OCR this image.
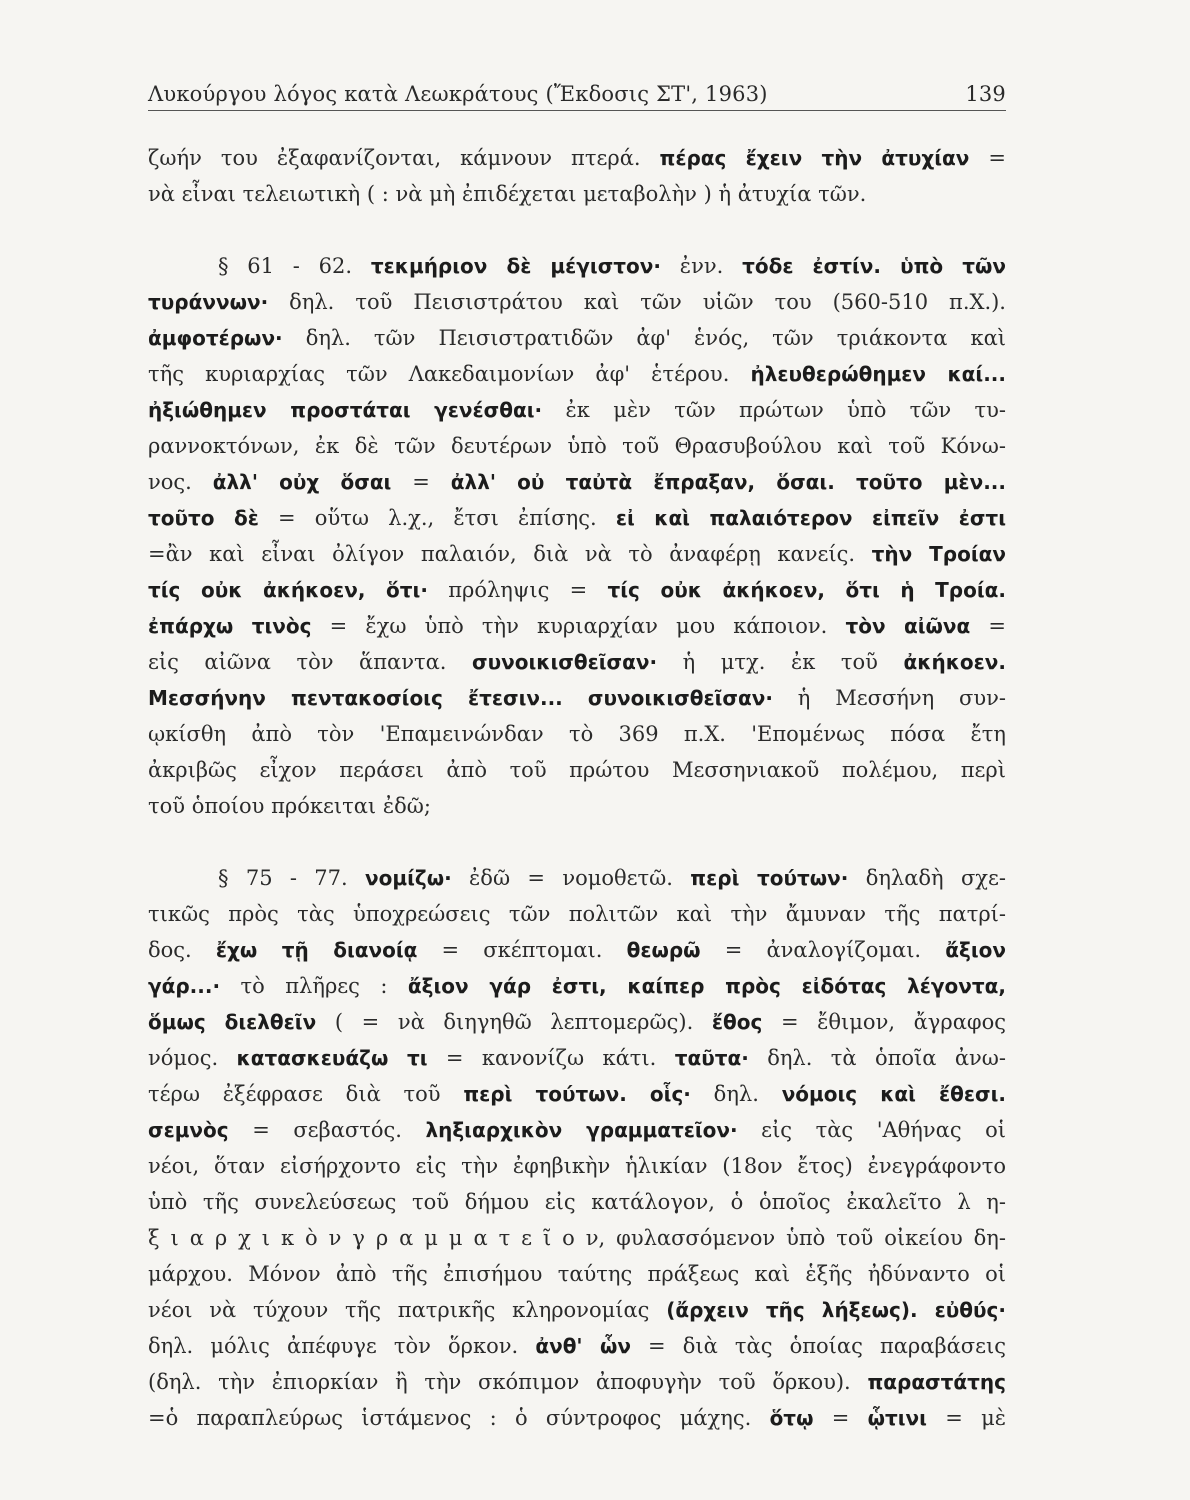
Λυκούργου λόγος κατὰ Λεωκράτους (Ἔκδοσις ΣΤ', 1963)	139
ζωήν του ἐξαφανίζονται, κάμνουν πτερά. πέρας ἔχειν τὴν ἀτυχίαν =
νὰ εἶναι τελειωτικὴ ( : νὰ μὴ ἐπιδέχεται μεταβολὴν ) ἡ ἀτυχία τῶν.
§ 61 - 62. τεκμήριον δὲ μέγιστον· ἐνν. τόδε ἐστίν. ὑπὸ τῶν
τυράννων· δηλ. τοῦ Πεισιστράτου καὶ τῶν υἱῶν του (560-510 π.Χ.).
ἀμφοτέρων· δηλ. τῶν Πεισιστρατιδῶν ἀφ' ἑνός, τῶν τριάκοντα καὶ
τῆς κυριαρχίας τῶν Λακεδαιμονίων ἀφ' ἑτέρου. ἠλευθερώθημεν καί...
ἠξιώθημεν προστάται γενέσθαι· ἐκ μὲν τῶν πρώτων ὑπὸ τῶν τυ-
ραννοκτόνων, ἐκ δὲ τῶν δευτέρων ὑπὸ τοῦ Θρασυβούλου καὶ τοῦ Κόνω-
νος. ἀλλ' οὐχ ὅσαι = ἀλλ' οὐ ταὐτὰ ἔπραξαν, ὅσαι. τοῦτο μὲν...
τοῦτο δὲ = οὕτω λ.χ., ἔτσι ἐπίσης. εἰ καὶ παλαιότερον εἰπεῖν ἐστι
=ἂν καὶ εἶναι ὀλίγον παλαιόν, διὰ νὰ τὸ ἀναφέρῃ κανείς. τὴν Τροίαν
τίς οὐκ ἀκήκοεν, ὅτι· πρόληψις = τίς οὐκ ἀκήκοεν, ὅτι ἡ Τροία.
ἐπάρχω τινὸς = ἔχω ὑπὸ τὴν κυριαρχίαν μου κάποιον. τὸν αἰῶνα =
εἰς αἰῶνα τὸν ἅπαντα. συνοικισθεῖσαν· ἡ μτχ. ἐκ τοῦ ἀκήκοεν.
Μεσσήνην πεντακοσίοις ἔτεσιν... συνοικισθεῖσαν· ἡ Μεσσήνη συν-
ῳκίσθη ἀπὸ τὸν 'Επαμεινώνδαν τὸ 369 π.Χ. 'Επομένως πόσα ἔτη
ἀκριβῶς εἶχον περάσει ἀπὸ τοῦ πρώτου Μεσσηνιακοῦ πολέμου, περὶ
τοῦ ὁποίου πρόκειται ἐδῶ;
§ 75 - 77. νομίζω· ἐδῶ = νομοθετῶ. περὶ τούτων· δηλαδὴ σχε-
τικῶς πρὸς τὰς ὑποχρεώσεις τῶν πολιτῶν καὶ τὴν ἄμυναν τῆς πατρί-
δος. ἔχω τῇ διανοίᾳ = σκέπτομαι. θεωρῶ = ἀναλογίζομαι. ἄξιον
γάρ...· τὸ πλῆρες : ἄξιον γάρ ἐστι, καίπερ πρὸς εἰδότας λέγοντα,
ὅμως διελθεῖν ( = νὰ διηγηθῶ λεπτομερῶς). ἔθος = ἔθιμον, ἄγραφος
νόμος. κατασκευάζω τι = κανονίζω κάτι. ταῦτα· δηλ. τὰ ὁποῖα ἀνω-
τέρω ἐξέφρασε διὰ τοῦ περὶ τούτων. οἷς· δηλ. νόμοις καὶ ἔθεσι.
σεμνὸς = σεβαστός. ληξιαρχικὸν γραμματεῖον· εἰς τὰς 'Αθήνας οἱ
νέοι, ὅταν εἰσήρχοντο εἰς τὴν ἐφηβικὴν ἡλικίαν (18ον ἔτος) ἐνεγράφοντο
ὑπὸ τῆς συνελεύσεως τοῦ δήμου εἰς κατάλογον, ὁ ὁποῖος ἐκαλεῖτο λ η-
ξ ι α ρ χ ι κ ὸ ν γ ρ α μ μ α τ ε ῖ ο ν, φυλασσόμενον ὑπὸ τοῦ οἰκείου δη-
μάρχου. Μόνον ἀπὸ τῆς ἐπισήμου ταύτης πράξεως καὶ ἑξῆς ἠδύναντο οἱ
νέοι νὰ τύχουν τῆς πατρικῆς κληρονομίας (ἄρχειν τῆς λήξεως). εὐθύς·
δηλ. μόλις ἀπέφυγε τὸν ὅρκον. ἀνθ' ὧν = διὰ τὰς ὁποίας παραβάσεις
(δηλ. τὴν ἐπιορκίαν ἢ τὴν σκόπιμον ἀποφυγὴν τοῦ ὅρκου). παραστάτης
=ὁ παραπλεύρως ἱστάμενος : ὁ σύντροφος μάχης. ὅτῳ = ᾧτινι = μὲ
